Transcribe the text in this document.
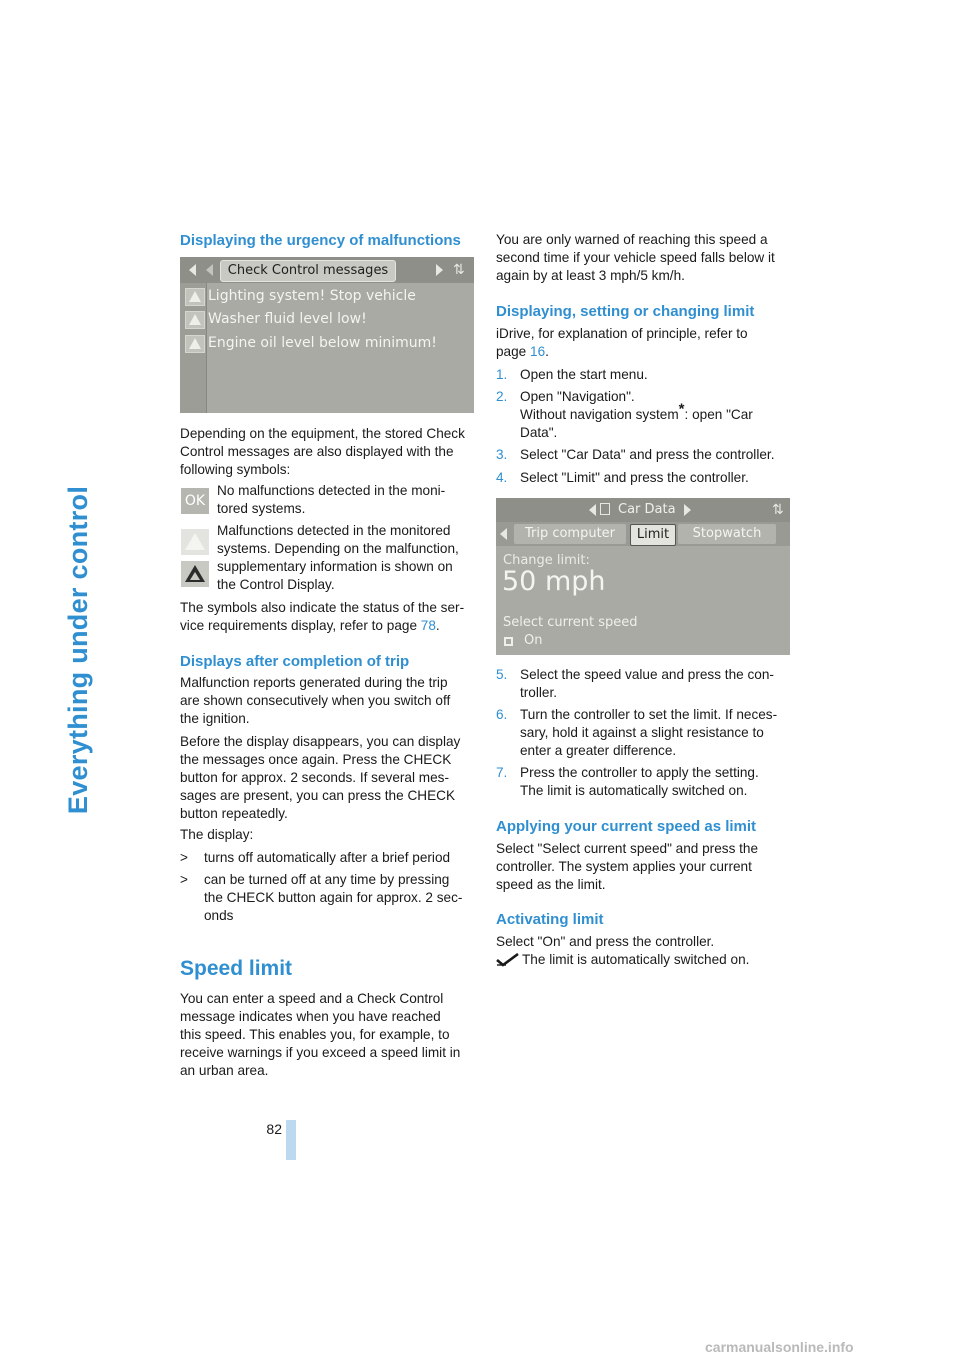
Everything under control
Displaying the urgency of malfunctions
Check Control messages	⇅
Lighting system! Stop vehicle
Washer fluid level low!
Engine oil level below minimum!

Depending on the equipment, the stored Check Control messages are also displayed with the following symbols:

OK
No malfunctions detected in the moni-
tored systems.
Malfunctions detected in the monitored
systems. Depending on the malfunction,
supplementary information is shown on
the Control Display.
The symbols also indicate the status of the ser-
vice requirements display, refer to page 78.
Displays after completion of trip
Malfunction reports generated during the trip
are shown consecutively when you switch off
the ignition.
Before the display disappears, you can display
the messages once again. Press the CHECK
button for approx. 2 seconds. If several mes-
sages are present, you can press the CHECK
button repeatedly.
The display:
> turns off automatically after a brief period
> can be turned off at any time by pressing
the CHECK button again for approx. 2 sec-
onds
Speed limit
You can enter a speed and a Check Control
message indicates when you have reached
this speed. This enables you, for example, to
receive warnings if you exceed a speed limit in
an urban area.
You are only warned of reaching this speed a
second time if your vehicle speed falls below it
again by at least 3 mph/5 km/h.
Displaying, setting or changing limit
iDrive, for explanation of principle, refer to
page 16.
1. Open the start menu.
2. Open "Navigation".
Without navigation system*: open "Car
Data".
3. Select "Car Data" and press the controller.
4. Select "Limit" and press the controller.
Car Data	⇅
Trip computer	Limit	Stopwatch
Change limit:
50 mph
Select current speed
On
5. Select the speed value and press the con-
troller.
6. Turn the controller to set the limit. If neces-
sary, hold it against a slight resistance to
enter a greater difference.
7. Press the controller to apply the setting.
The limit is automatically switched on.
Applying your current speed as limit
Select "Select current speed" and press the
controller. The system applies your current
speed as the limit.
Activating limit
Select "On" and press the controller.
The limit is automatically switched on.
82
carmanualsonline.info
